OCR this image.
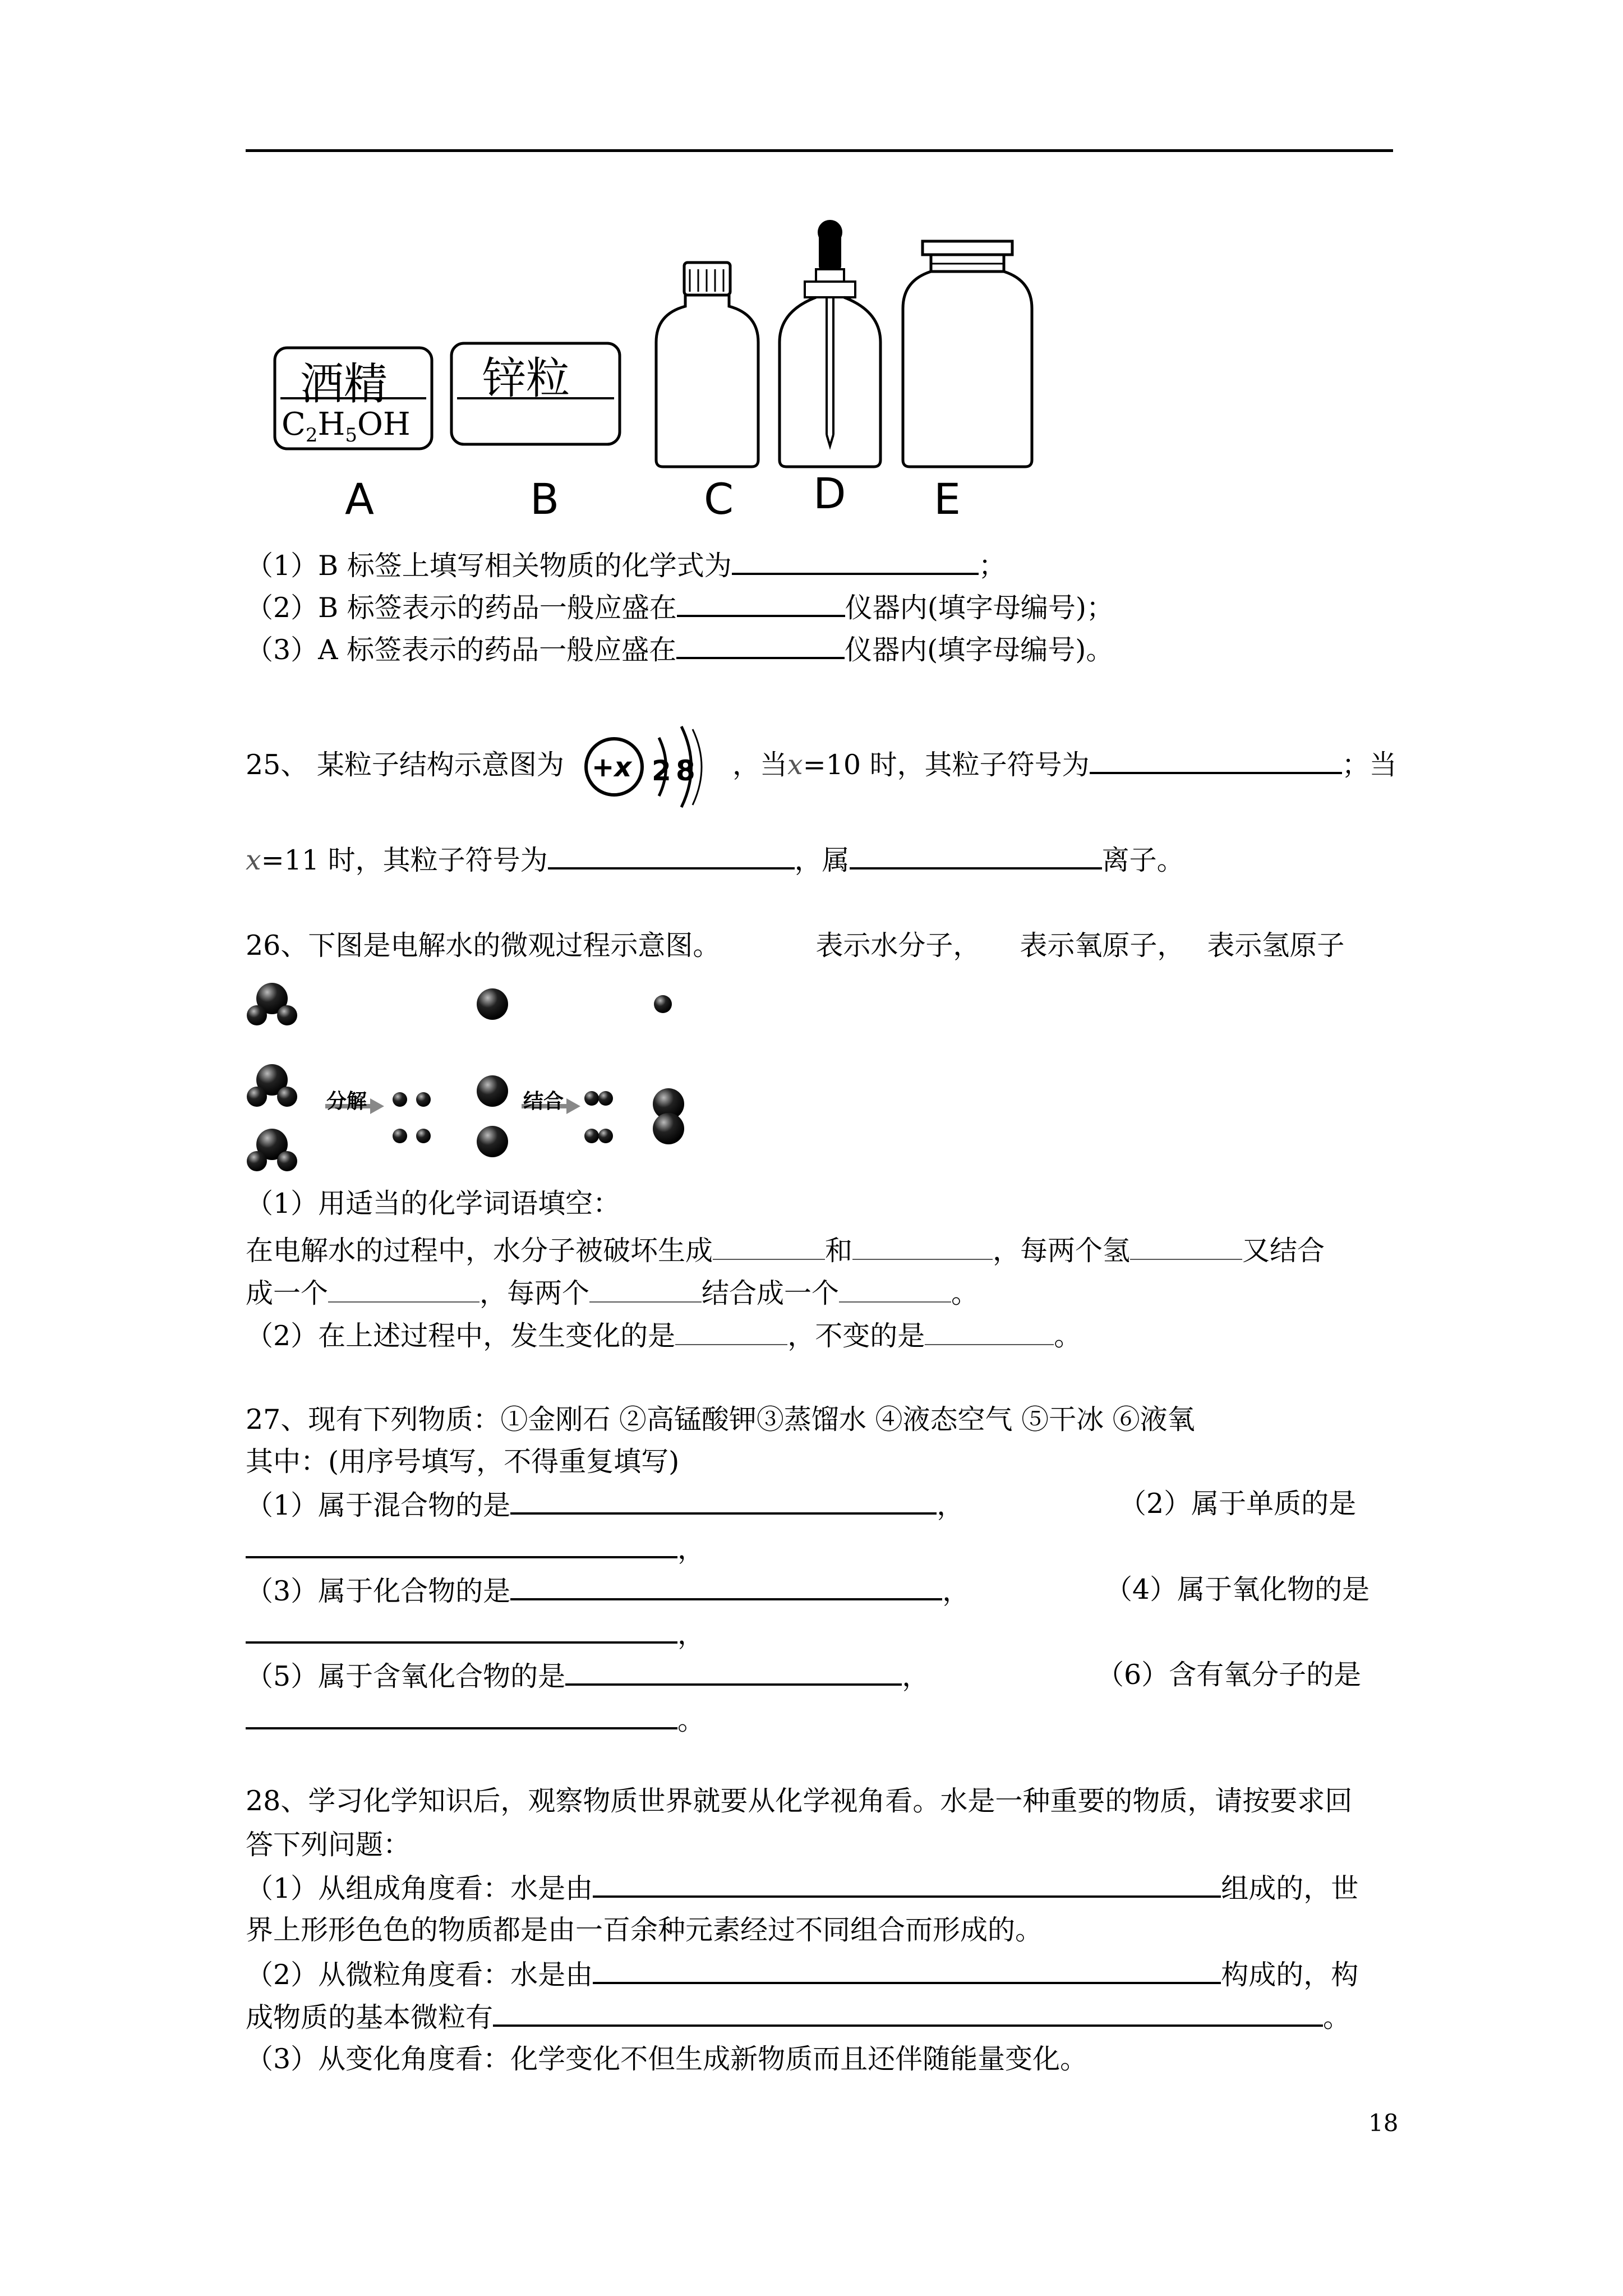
酒精
$C_2H_5OH$
锌粒
A	B	C D E
（1）B 标签上填写相关物质的化学式为	；
（2）B 标签表示的药品一般应盛在	仪器内(填字母编号)；
（3）A 标签表示的药品一般应盛在	仪器内(填字母编号)。
25、 某粒子结构示意图为	，当x=10 时，其粒子符号为	；当
+x 2 8
x=11 时，其粒子符号为	，属	离子。
26、下图是电解水的微观过程示意图。	表示水分子， 表示氧原子， 表示氢原子
分解	结合
（1）用适当的化学词语填空：
在电解水的过程中，水分子被破坏生成	和	，每两个氢	又结合
成一个	，每两个	结合成一个	。
（2）在上述过程中，发生变化的是	，不变的是	。
27、现有下列物质：①金刚石 ②高锰酸钾③蒸馏水 ④液态空气 ⑤干冰 ⑥液氧
其中：(用序号填写，不得重复填写)
（1）属于混合物的是	，	（2）属于单质的是
，
（3）属于化合物的是	，	（4）属于氧化物的是
，
（5）属于含氧化合物的是	，	（6）含有氧分子的是
。
28、学习化学知识后，观察物质世界就要从化学视角看。水是一种重要的物质，请按要求回
答下列问题：
（1）从组成角度看：水是由	组成的，世
界上形形色色的物质都是由一百余种元素经过不同组合而形成的。
（2）从微粒角度看：水是由	构成的，构
成物质的基本微粒有	。
（3）从变化角度看：化学变化不但生成新物质而且还伴随能量变化。
18
